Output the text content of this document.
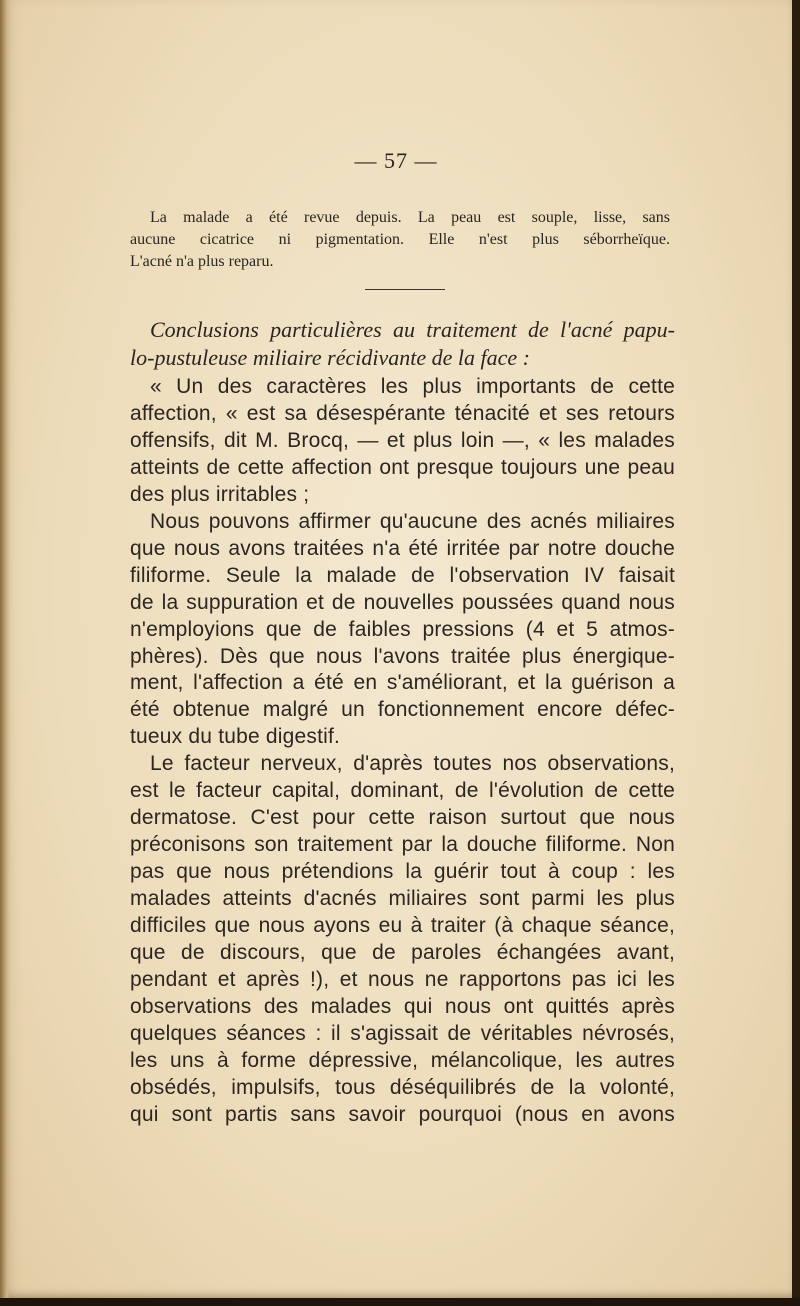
— 57 —
La malade a été revue depuis. La peau est souple, lisse, sans
aucune cicatrice ni pigmentation. Elle n'est plus séborrheïque.
L'acné n'a plus reparu.
Conclusions particulières au traitement de l'acné papu-
lo-pustuleuse miliaire récidivante de la face :
« Un des caractères les plus importants de cette
affection, « est sa désespérante ténacité et ses retours
offensifs, dit M. Brocq, — et plus loin —, « les malades
atteints de cette affection ont presque toujours une peau
des plus irritables ;
Nous pouvons affirmer qu'aucune des acnés miliaires
que nous avons traitées n'a été irritée par notre douche
filiforme. Seule la malade de l'observation IV faisait
de la suppuration et de nouvelles poussées quand nous
n'employions que de faibles pressions (4 et 5 atmos-
phères). Dès que nous l'avons traitée plus énergique-
ment, l'affection a été en s'améliorant, et la guérison a
été obtenue malgré un fonctionnement encore défec-
tueux du tube digestif.
Le facteur nerveux, d'après toutes nos observations,
est le facteur capital, dominant, de l'évolution de cette
dermatose. C'est pour cette raison surtout que nous
préconisons son traitement par la douche filiforme. Non
pas que nous prétendions la guérir tout à coup : les
malades atteints d'acnés miliaires sont parmi les plus
difficiles que nous ayons eu à traiter (à chaque séance,
que de discours, que de paroles échangées avant,
pendant et après !), et nous ne rapportons pas ici les
observations des malades qui nous ont quittés après
quelques séances : il s'agissait de véritables névrosés,
les uns à forme dépressive, mélancolique, les autres
obsédés, impulsifs, tous déséquilibrés de la volonté,
qui sont partis sans savoir pourquoi (nous en avons
